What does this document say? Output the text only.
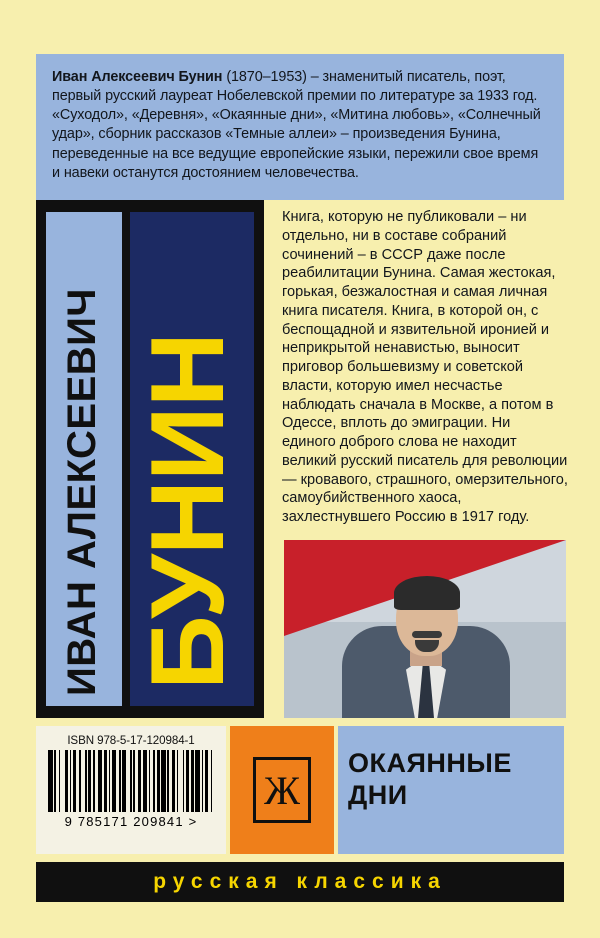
Иван Алексеевич Бунин (1870–1953) – знаменитый писатель, поэт, первый русский лауреат Нобелевской премии по литературе за 1933 год. «Суходол», «Деревня», «Окаянные дни», «Митина любовь», «Солнечный удар», сборник рассказов «Темные аллеи» – произведения Бунина, переведенные на все ведущие европейские языки, пережили свое время и навеки останутся достоянием человечества.
ИВАН АЛЕКСЕЕВИЧ БУНИН
Книга, которую не публиковали – ни отдельно, ни в составе собраний сочинений – в СССР даже после реабилитации Бунина. Самая жестокая, горькая, безжалостная и самая личная книга писателя. Книга, в которой он, с беспощадной и язвительной иронией и неприкрытой ненавистью, выносит приговор большевизму и советской власти, которую имел несчастье наблюдать сначала в Москве, а потом в Одессе, вплоть до эмиграции. Ни единого доброго слова не находит великий русский писатель для революции — кровавого, страшного, омерзительного, самоубийственного хаоса, захлестнувшего Россию в 1917 году.
ISBN 978-5-17-120984-1
9 785171 209841 >
Ж
ОКАЯННЫЕ ДНИ
русская классика
